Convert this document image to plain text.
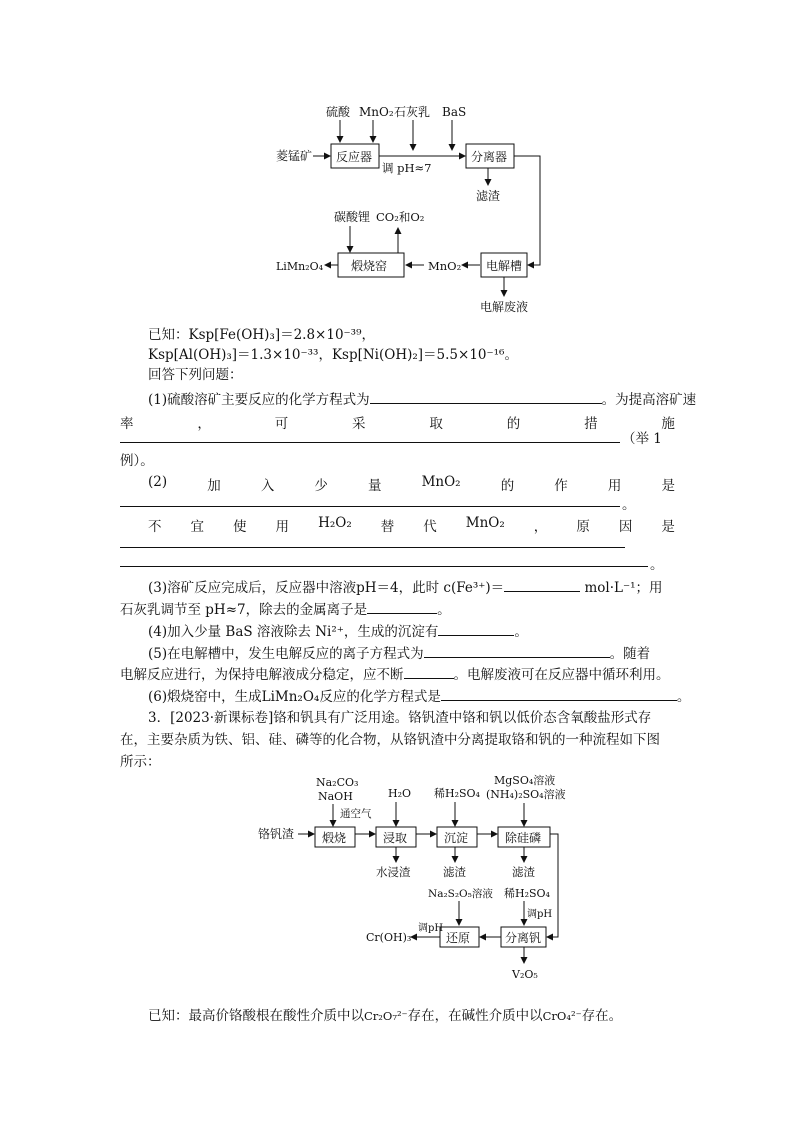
硫酸 MnO₂ 石灰乳 BaS
菱锰矿 反应器
调 pH≈7
分离器
滤渣
碳酸锂 CO₂和O₂
煅烧窑
LiMn₂O₄	MnO₂ 电解槽
电解废液
已知：Ksp[Fe(OH)₃]＝2.8×10⁻³⁹，
Ksp[Al(OH)₃]＝1.3×10⁻³³，Ksp[Ni(OH)₂]＝5.5×10⁻¹⁶。
回答下列问题：
(1)硫酸溶矿主要反应的化学方程式为	。为提高溶矿速
率	，	可	采	取	的	措	施
（举 1
例）。
(2)	加	入	少	量	MnO₂	的	作	用	是
。
不 宜 使 用 H₂O₂ 替 代 MnO₂ ， 原 因 是
。
(3)溶矿反应完成后，反应器中溶液pH＝4，此时 c(Fe³⁺)＝	mol·L⁻¹；用
石灰乳调节至 pH≈7，除去的金属离子是	。
(4)加入少量 BaS 溶液除去 Ni²⁺，生成的沉淀有	。
(5)在电解槽中，发生电解反应的离子方程式为	。随着
电解反应进行，为保持电解液成分稳定，应不断	。电解废液可在反应器中循环利用。
(6)煅烧窑中，生成LiMn₂O₄反应的化学方程式是	。
3．[2023·新课标卷]铬和钒具有广泛用途。铬钒渣中铬和钒以低价态含氧酸盐形式存
在，主要杂质为铁、铝、硅、磷等的化合物，从铬钒渣中分离提取铬和钒的一种流程如下图
所示：
Na₂CO₃
NaOH
通空气
H₂O 稀H₂SO₄
MgSO₄溶液
(NH₄)₂SO₄溶液
铬钒渣 煅烧	浸取	沉淀	除硅磷
水浸渣	滤渣	滤渣
Na₂S₂O₅溶液 稀H₂SO₄
调pH
分离钒
还原
调pH
Cr(OH)₃
V₂O₅
已知：最高价铬酸根在酸性介质中以Cr₂O₇²⁻存在，在碱性介质中以CrO₄²⁻存在。
